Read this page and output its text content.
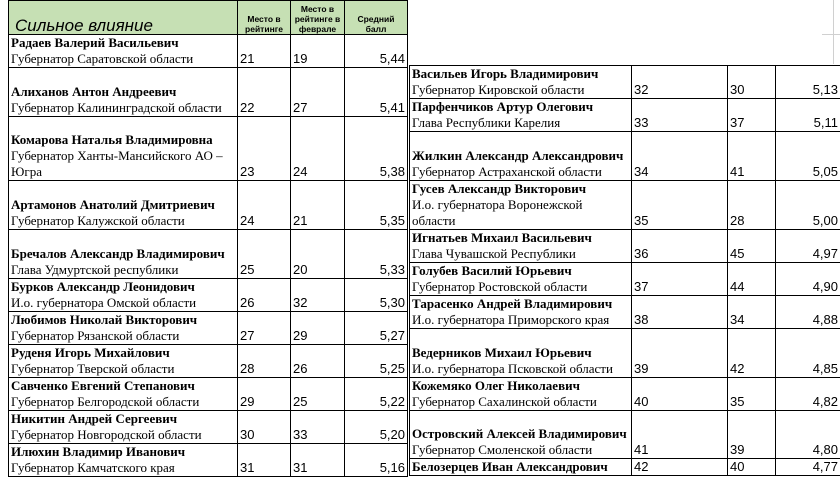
Сильное влияние	Место в рейтинге	Место в рейтинге в феврале	Средний балл

Радаев Валерий Васильевич
Губернатор Саратовской области	21	19	5,44

Алиханов Антон Андреевич
Губернатор Калининградской области	22	27	5,41

Комарова Наталья Владимировна
Губернатор Ханты-Мансийского АО – Югра	23	24	5,38

Артамонов Анатолий Дмитриевич
Губернатор Калужской области	24	21	5,35

Бречалов Александр Владимирович
Глава Удмуртской республики	25	20	5,33

Бурков Александр Леонидович
И.о. губернатора Омской области	26	32	5,30

Любимов Николай Викторович
Губернатор Рязанской области	27	29	5,27

Руденя Игорь Михайлович
Губернатор Тверской области	28	26	5,25

Савченко Евгений Степанович
Губернатор Белгородской области	29	25	5,22

Никитин Андрей Сергеевич
Губернатор Новгородской области	30	33	5,20

Илюхин Владимир Иванович
Губернатор Камчатского края	31	31	5,16
Васильев Игорь Владимирович
Губернатор Кировской области	32	30	5,13

Парфенчиков Артур Олегович
Глава Республики Карелия	33	37	5,11

Жилкин Александр Александрович
Губернатор Астраханской области	34	41	5,05

Гусев Александр Викторович
И.о. губернатора Воронежской области	35	28	5,00

Игнатьев Михаил Васильевич
Глава Чувашской Республики	36	45	4,97

Голубев Василий Юрьевич
Губернатор Ростовской области	37	44	4,90

Тарасенко Андрей Владимирович
И.о. губернатора Приморского края	38	34	4,88

Ведерников Михаил Юрьевич
И.о. губернатора Псковской области	39	42	4,85

Кожемяко Олег Николаевич
Губернатор Сахалинской области	40	35	4,82

Островский Алексей Владимирович
Губернатор Смоленской области	41	39	4,80

Белозерцев Иван Александрович	42	40	4,77
